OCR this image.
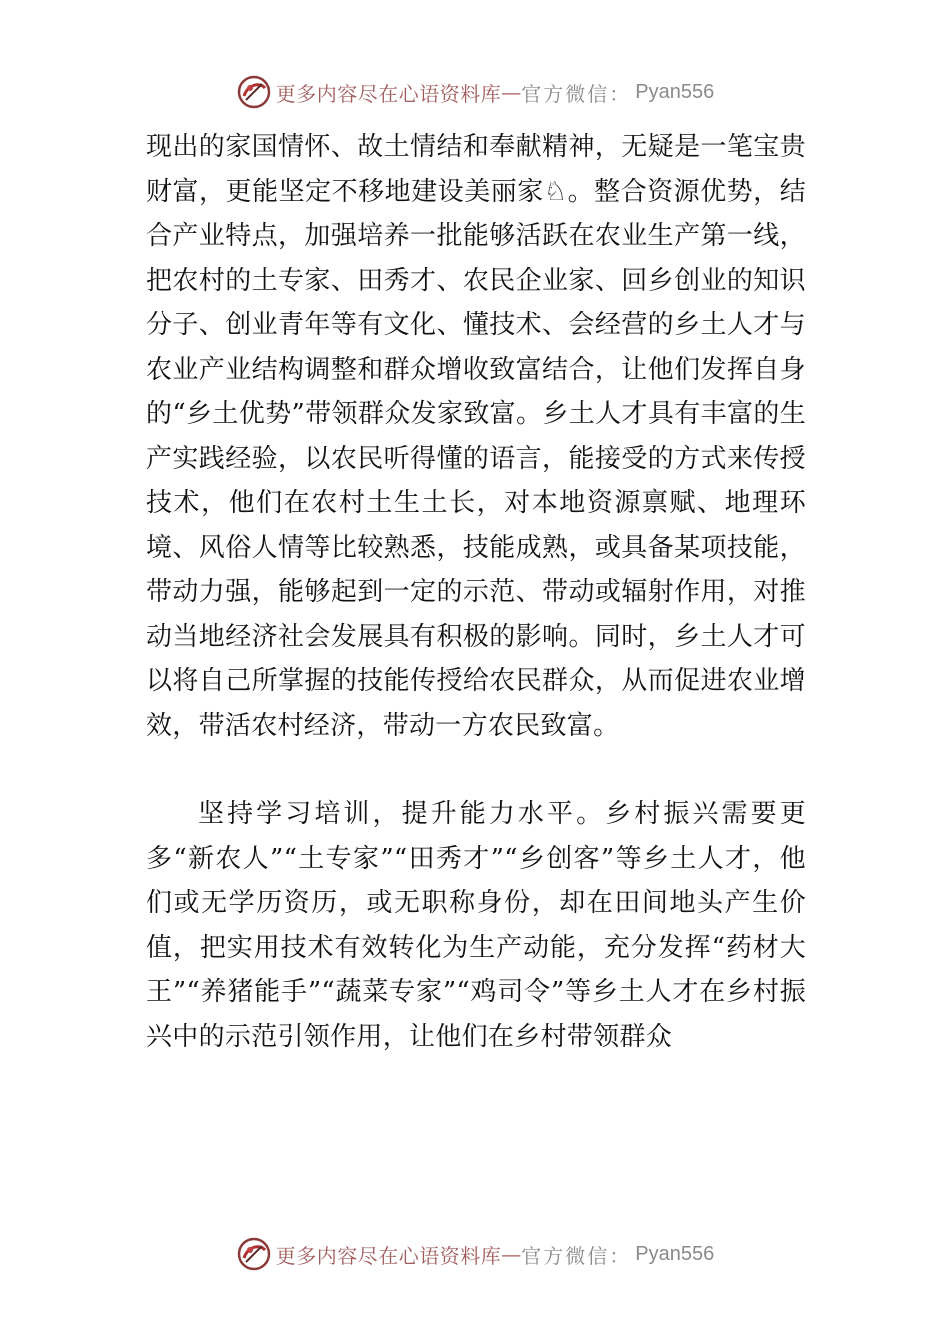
更多内容尽在心语资料库 — 官方微信： Pyan556

现出的家国情怀、故土情结和奉献精神，无疑是一笔宝贵财富，更能坚定不移地建设美丽家♘。整合资源优势，结合产业特点，加强培养一批能够活跃在农业生产第一线，把农村的土专家、田秀才、农民企业家、回乡创业的知识分子、创业青年等有文化、懂技术、会经营的乡土人才与农业产业结构调整和群众增收致富结合，让他们发挥自身的“乡土优势”带领群众发家致富。乡土人才具有丰富的生产实践经验，以农民听得懂的语言，能接受的方式来传授技术，他们在农村土生土长，对本地资源禀赋、地理环境、风俗人情等比较熟悉，技能成熟，或具备某项技能，带动力强，能够起到一定的示范、带动或辐射作用，对推动当地经济社会发展具有积极的影响。同时，乡土人才可以将自己所掌握的技能传授给农民群众，从而促进农业增效，带活农村经济，带动一方农民致富。

坚持学习培训，提升能力水平。乡村振兴需要更多“新农人”“土专家”“田秀才”“乡创客”等乡土人才，他们或无学历资历，或无职称身份，却在田间地头产生价值，把实用技术有效转化为生产动能，充分发挥“药材大王”“养猪能手”“蔬菜专家”“鸡司令”等乡土人才在乡村振兴中的示范引领作用，让他们在乡村带领群众

更多内容尽在心语资料库 — 官方微信： Pyan556
